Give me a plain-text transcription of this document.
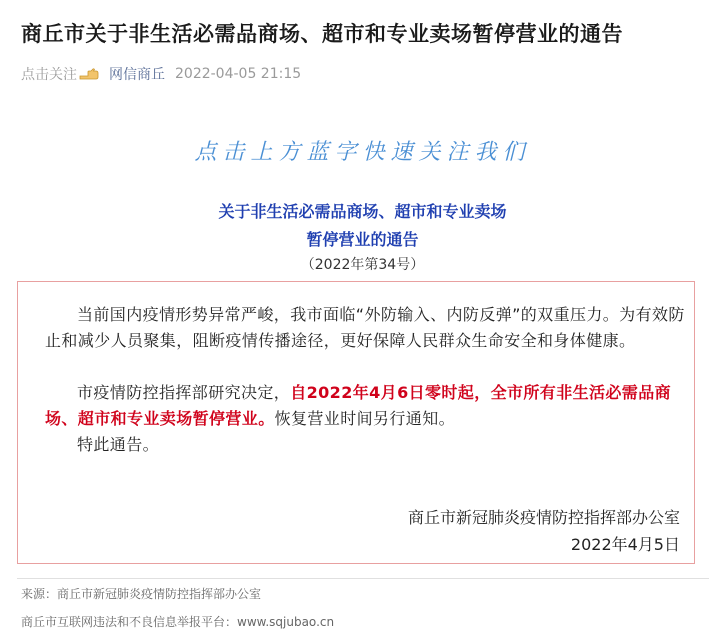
商丘市关于非生活必需品商场、超市和专业卖场暂停营业的通告
点击关注 网信商丘 2022-04-05 21:15
点击上方蓝字快速关注我们
关于非生活必需品商场、超市和专业卖场
暂停营业的通告
（2022年第34号）

当前国内疫情形势异常严峻，我市面临“外防输入、内防反弹”的双重压力。为有效防止和减少人员聚集，阻断疫情传播途径，更好保障人民群众生命安全和身体健康。

市疫情防控指挥部研究决定，自2022年4月6日零时起，全市所有非生活必需品商场、超市和专业卖场暂停营业。恢复营业时间另行通知。

特此通告。

商丘市新冠肺炎疫情防控指挥部办公室
2022年4月5日
来源：商丘市新冠肺炎疫情防控指挥部办公室
商丘市互联网违法和不良信息举报平台：www.sqjubao.cn
